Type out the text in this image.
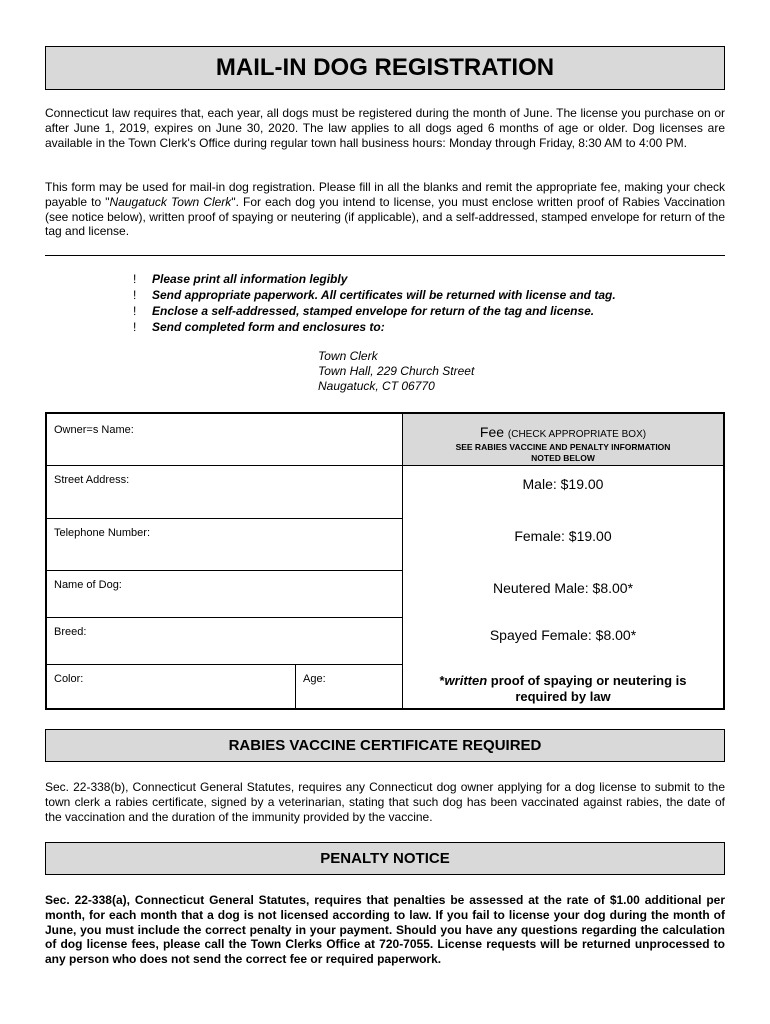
MAIL-IN DOG REGISTRATION
Connecticut law requires that, each year, all dogs must be registered during the month of June. The license you purchase on or after June 1, 2019, expires on June 30, 2020. The law applies to all dogs aged 6 months of age or older. Dog licenses are available in the Town Clerk's Office during regular town hall business hours: Monday through Friday, 8:30 AM to 4:00 PM.
This form may be used for mail-in dog registration. Please fill in all the blanks and remit the appropriate fee, making your check payable to "Naugatuck Town Clerk". For each dog you intend to license, you must enclose written proof of Rabies Vaccination (see notice below), written proof of spaying or neutering (if applicable), and a self-addressed, stamped envelope for return of the tag and license.
!	Please print all information legibly
!	Send appropriate paperwork. All certificates will be returned with license and tag.
!	Enclose a self-addressed, stamped envelope for return of the tag and license.
!	Send completed form and enclosures to:
Town Clerk
Town Hall, 229 Church Street
Naugatuck, CT 06770
Fee (CHECK APPROPRIATE BOX)
SEE RABIES VACCINE AND PENALTY INFORMATION
NOTED BELOW
Owner=s Name:
Street Address:
Telephone Number:
Name of Dog:
Breed:
Color:	Age:
Male: $19.00
Female: $19.00
Neutered Male: $8.00*
Spayed Female: $8.00*
*written proof of spaying or neutering is
required by law
RABIES VACCINE CERTIFICATE REQUIRED
Sec. 22-338(b), Connecticut General Statutes, requires any Connecticut dog owner applying for a dog license to submit to the town clerk a rabies certificate, signed by a veterinarian, stating that such dog has been vaccinated against rabies, the date of the vaccination and the duration of the immunity provided by the vaccine.
PENALTY NOTICE
Sec. 22-338(a), Connecticut General Statutes, requires that penalties be assessed at the rate of $1.00 additional per month, for each month that a dog is not licensed according to law. If you fail to license your dog during the month of June, you must include the correct penalty in your payment. Should you have any questions regarding the calculation of dog license fees, please call the Town Clerks Office at 720-7055. License requests will be returned unprocessed to any person who does not send the correct fee or required paperwork.
